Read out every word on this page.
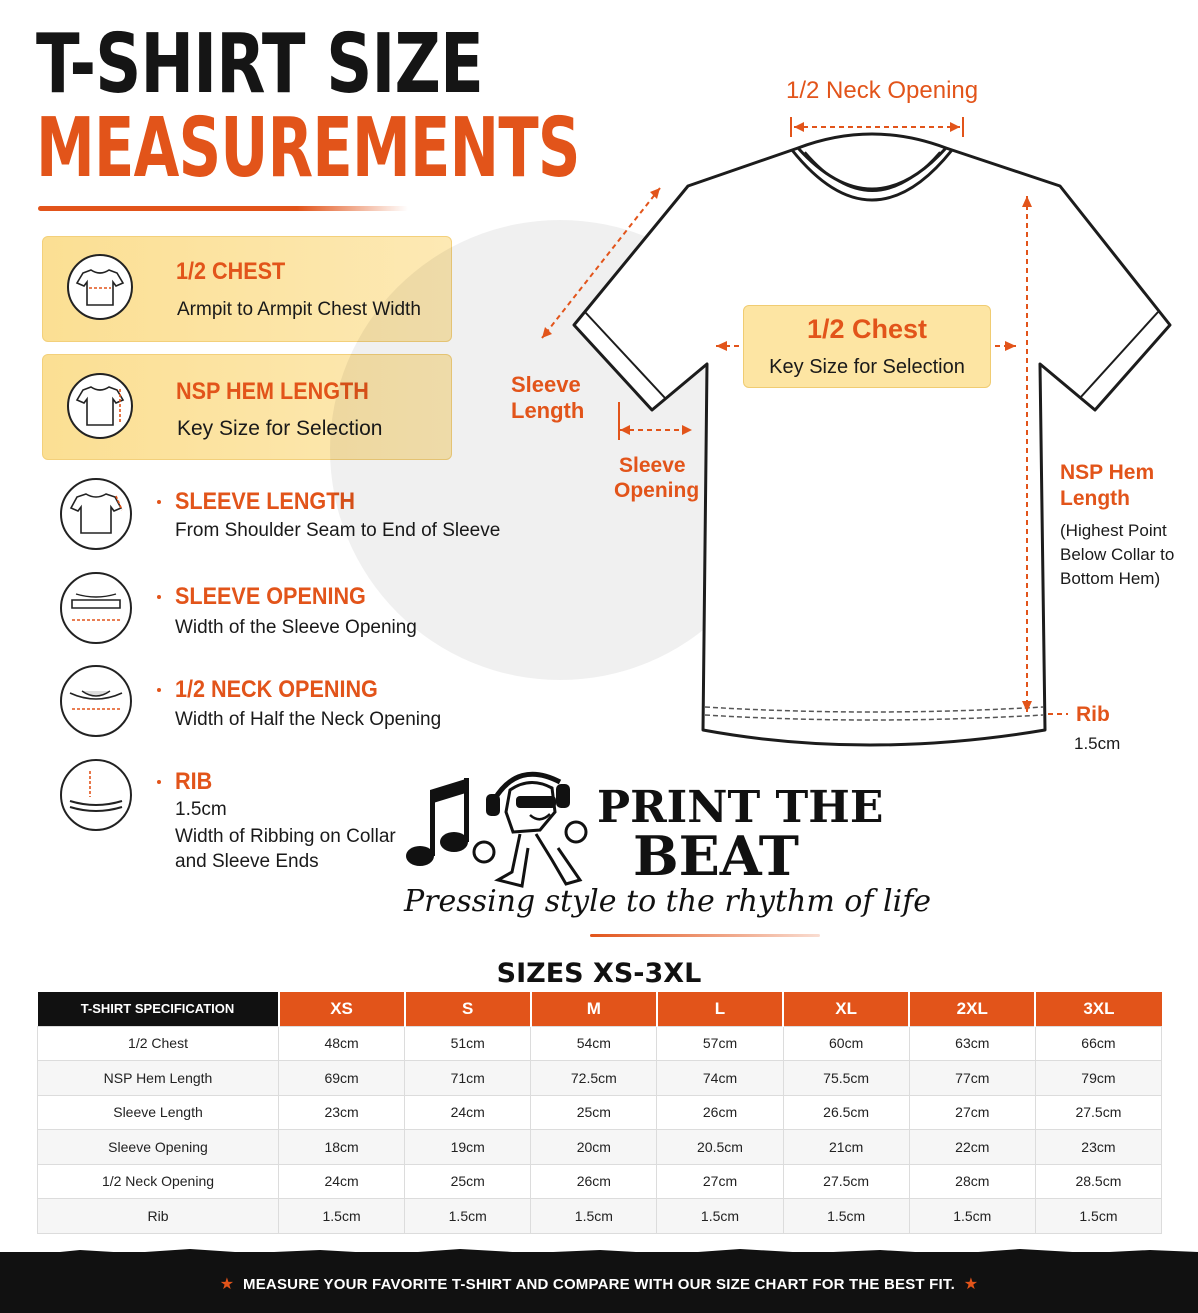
T-SHIRT SIZE
MEASUREMENTS
1/2 CHEST
Armpit to Armpit Chest Width
NSP HEM LENGTH
Key Size for Selection
SLEEVE LENGTH
From Shoulder Seam to End of Sleeve
SLEEVE OPENING
Width of the Sleeve Opening
1/2 NECK OPENING
Width of Half the Neck Opening
RIB
1.5cm
Width of Ribbing on Collar
and Sleeve Ends
1/2 Neck Opening
Sleeve
Length
Sleeve
Opening
1/2 Chest
Key Size for Selection
NSP Hem
Length
(Highest Point
Below Collar to
Bottom Hem)
Rib
1.5cm
PRINT THE
BEAT
Pressing style to the rhythm of life
SIZES XS-3XL
T-SHIRT SPECIFICATION	XS	S	M	L	XL	2XL	3XL
1/2 Chest	48cm	51cm	54cm	57cm	60cm	63cm	66cm
NSP Hem Length	69cm	71cm	72.5cm	74cm	75.5cm	77cm	79cm
Sleeve Length	23cm	24cm	25cm	26cm	26.5cm	27cm	27.5cm
Sleeve Opening	18cm	19cm	20cm	20.5cm	21cm	22cm	23cm
1/2 Neck Opening	24cm	25cm	26cm	27cm	27.5cm	28cm	28.5cm
Rib	1.5cm	1.5cm	1.5cm	1.5cm	1.5cm	1.5cm	1.5cm
★ MEASURE YOUR FAVORITE T-SHIRT AND COMPARE WITH OUR SIZE CHART FOR THE BEST FIT. ★
